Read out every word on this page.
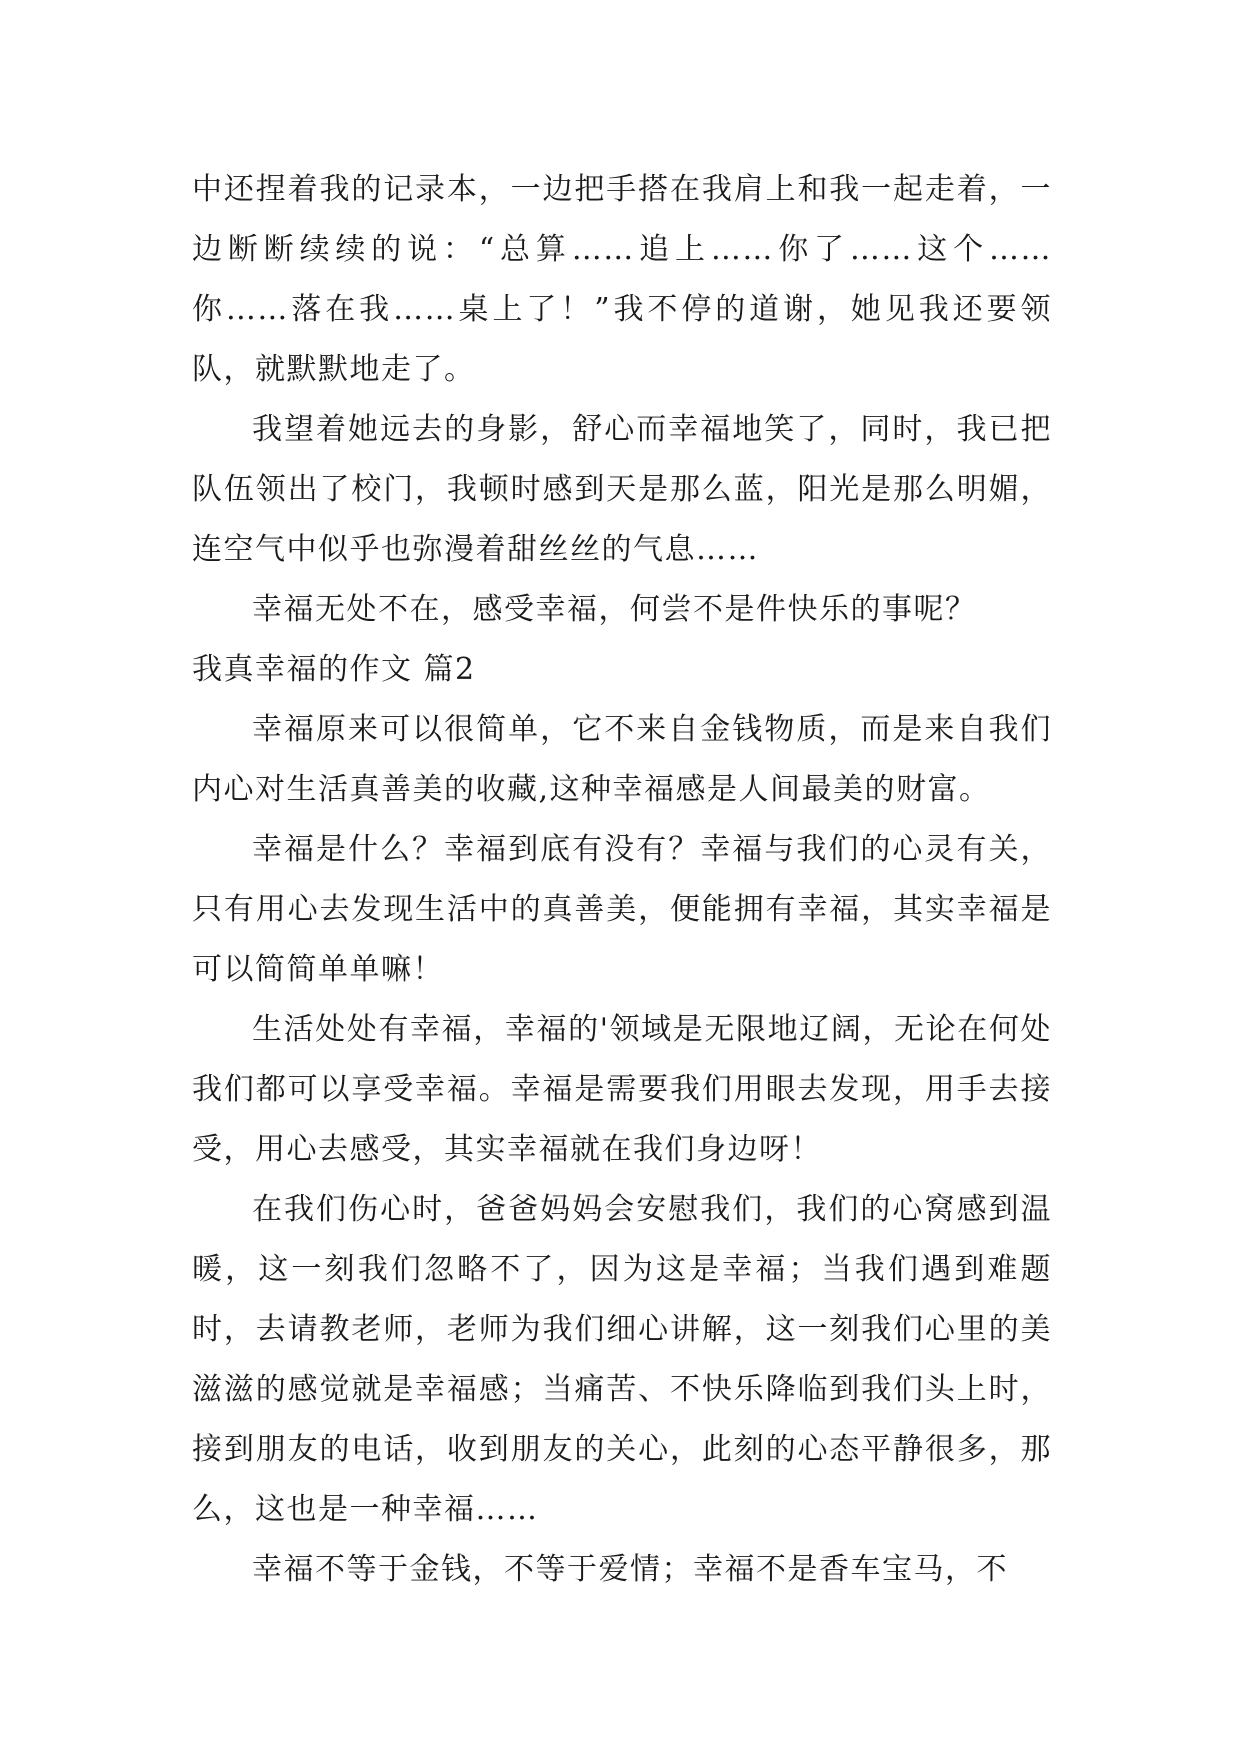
中还捏着我的记录本，一边把手搭在我肩上和我一起走着，一边断断续续的说：“总算……追上……你了……这个……你……落在我……桌上了！”我不停的道谢，她见我还要领队，就默默地走了。

我望着她远去的身影，舒心而幸福地笑了，同时，我已把队伍领出了校门，我顿时感到天是那么蓝，阳光是那么明媚，连空气中似乎也弥漫着甜丝丝的气息……

幸福无处不在，感受幸福，何尝不是件快乐的事呢？

我真幸福的作文 篇2

幸福原来可以很简单，它不来自金钱物质，而是来自我们内心对生活真善美的收藏,这种幸福感是人间最美的财富。

幸福是什么？幸福到底有没有？幸福与我们的心灵有关，只有用心去发现生活中的真善美，便能拥有幸福，其实幸福是可以简简单单嘛！

生活处处有幸福，幸福的'领域是无限地辽阔，无论在何处我们都可以享受幸福。幸福是需要我们用眼去发现，用手去接受，用心去感受，其实幸福就在我们身边呀！

在我们伤心时，爸爸妈妈会安慰我们，我们的心窝感到温暖，这一刻我们忽略不了，因为这是幸福；当我们遇到难题时，去请教老师，老师为我们细心讲解，这一刻我们心里的美滋滋的感觉就是幸福感；当痛苦、不快乐降临到我们头上时，接到朋友的电话，收到朋友的关心，此刻的心态平静很多，那么，这也是一种幸福……

幸福不等于金钱，不等于爱情；幸福不是香车宝马，不
